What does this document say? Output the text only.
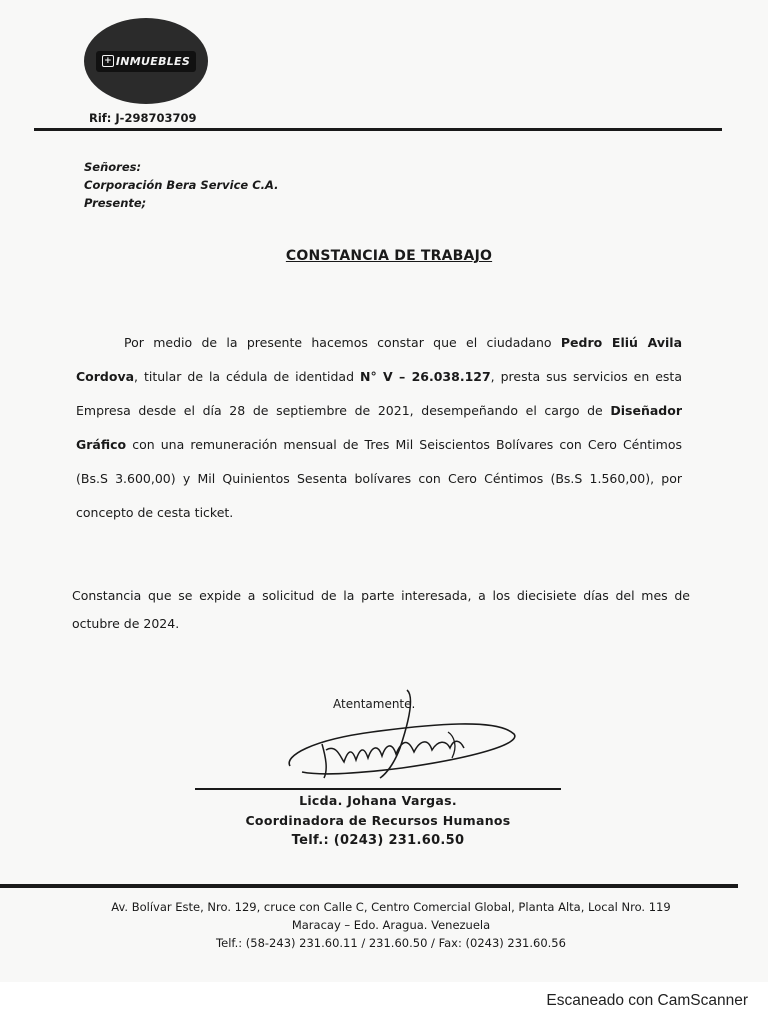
+ INMUEBLES
Rif: J-298703709
Señores:
Corporación Bera Service C.A.
Presente;
CONSTANCIA DE TRABAJO
Por medio de la presente hacemos constar que el ciudadano Pedro Eliú Avila Cordova, titular de la cédula de identidad N° V – 26.038.127, presta sus servicios en esta Empresa desde el día 28 de septiembre de 2021, desempeñando el cargo de Diseñador Gráfico con una remuneración mensual de Tres Mil Seiscientos Bolívares con Cero Céntimos (Bs.S 3.600,00) y Mil Quinientos Sesenta bolívares con Cero Céntimos (Bs.S 1.560,00), por concepto de cesta ticket.
Constancia que se expide a solicitud de la parte interesada, a los diecisiete días del mes de octubre de 2024.
Atentamente.
Licda. Johana Vargas.
Coordinadora de Recursos Humanos
Telf.: (0243) 231.60.50
Av. Bolívar Este, Nro. 129, cruce con Calle C, Centro Comercial Global, Planta Alta, Local Nro. 119
Maracay – Edo. Aragua. Venezuela
Telf.: (58-243) 231.60.11 / 231.60.50 / Fax: (0243) 231.60.56
Escaneado con CamScanner
